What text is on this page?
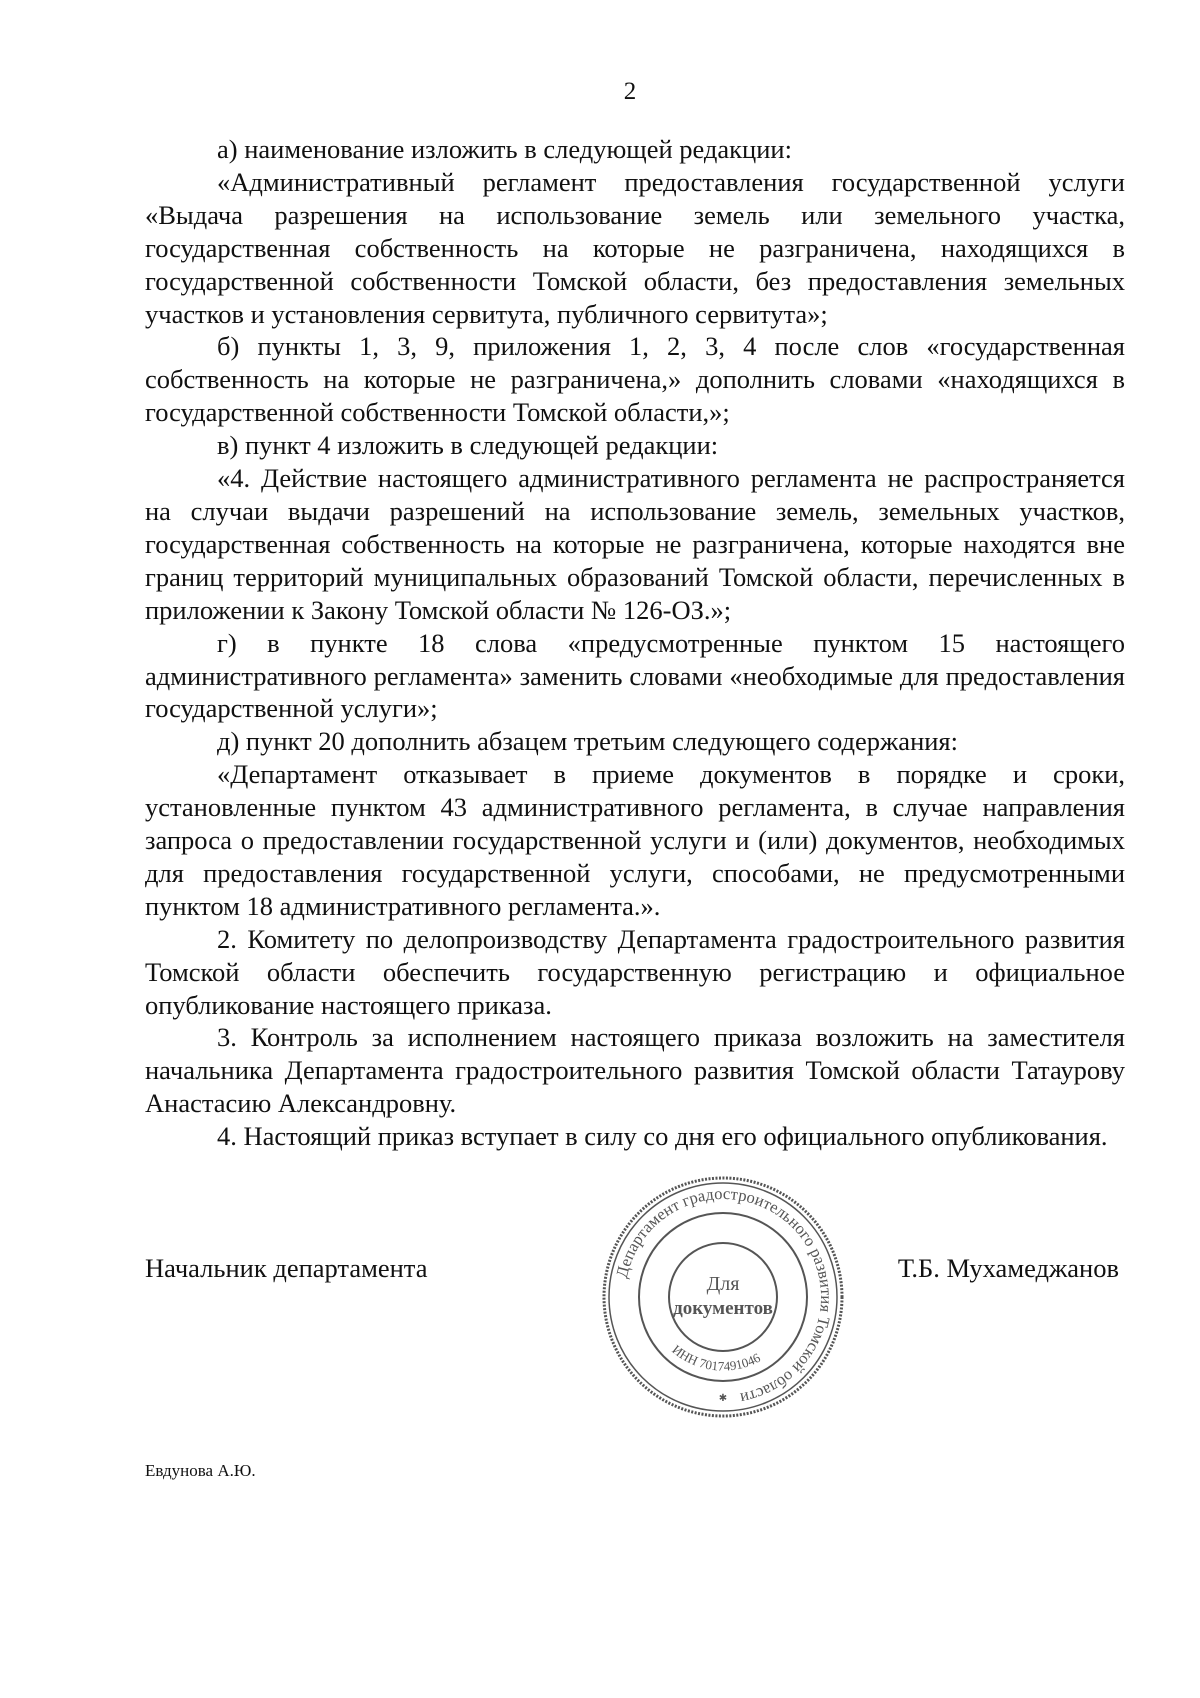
2

а) наименование изложить в следующей редакции:

«Административный регламент предоставления государственной услуги «Выдача разрешения на использование земель или земельного участка, государственная собственность на которые не разграничена, находящихся в государственной собственности Томской области, без предоставления земельных участков и установления сервитута, публичного сервитута»;

б) пункты 1, 3, 9, приложения 1, 2, 3, 4 после слов «государственная собственность на которые не разграничена,» дополнить словами «находящихся в государственной собственности Томской области,»;

в) пункт 4 изложить в следующей редакции:

«4. Действие настоящего административного регламента не распространяется на случаи выдачи разрешений на использование земель, земельных участков, государственная собственность на которые не разграничена, которые находятся вне границ территорий муниципальных образований Томской области, перечисленных в приложении к Закону Томской области № 126-ОЗ.»;

г) в пункте 18 слова «предусмотренные пунктом 15 настоящего административного регламента» заменить словами «необходимые для предоставления государственной услуги»;

д) пункт 20 дополнить абзацем третьим следующего содержания:

«Департамент отказывает в приеме документов в порядке и сроки, установленные пунктом 43 административного регламента, в случае направления запроса о предоставлении государственной услуги и (или) документов, необходимых для предоставления государственной услуги, способами, не предусмотренными пунктом 18 административного регламента.».

2. Комитету по делопроизводству Департамента градостроительного развития Томской области обеспечить государственную регистрацию и официальное опубликование настоящего приказа.

3. Контроль за исполнением настоящего приказа возложить на заместителя начальника Департамента градостроительного развития Томской области Татаурову Анастасию Александровну.

4. Настоящий приказ вступает в силу со дня его официального опубликования.

Начальник департамента	Т.Б. Мухамеджанов
Департамент градостроительного развития Томской области
ИНН 7017491046
Для
документов
✱
Евдунова А.Ю.
